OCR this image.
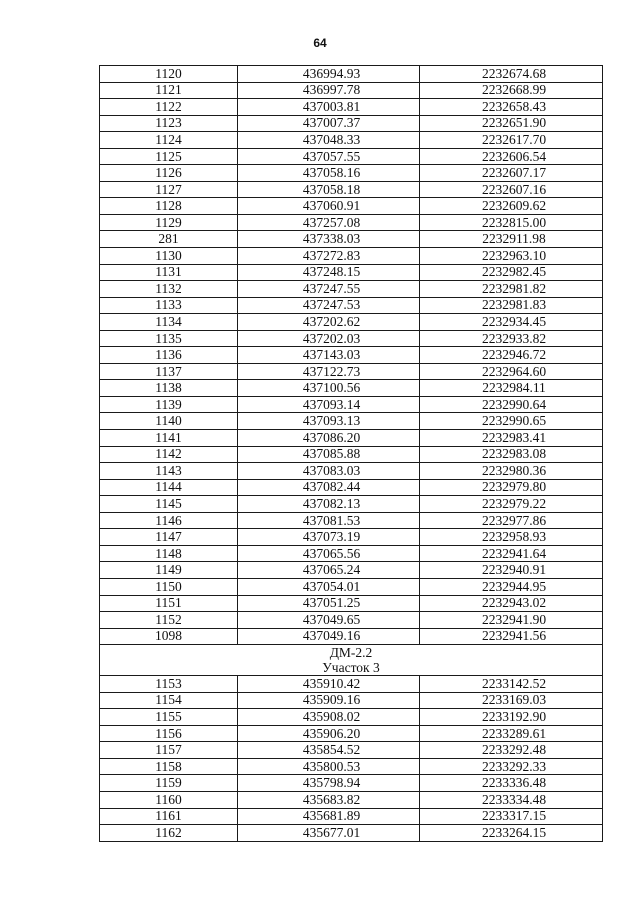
64
1120	436994.93	2232674.68
1121	436997.78	2232668.99
1122	437003.81	2232658.43
1123	437007.37	2232651.90
1124	437048.33	2232617.70
1125	437057.55	2232606.54
1126	437058.16	2232607.17
1127	437058.18	2232607.16
1128	437060.91	2232609.62
1129	437257.08	2232815.00
281	437338.03	2232911.98
1130	437272.83	2232963.10
1131	437248.15	2232982.45
1132	437247.55	2232981.82
1133	437247.53	2232981.83
1134	437202.62	2232934.45
1135	437202.03	2232933.82
1136	437143.03	2232946.72
1137	437122.73	2232964.60
1138	437100.56	2232984.11
1139	437093.14	2232990.64
1140	437093.13	2232990.65
1141	437086.20	2232983.41
1142	437085.88	2232983.08
1143	437083.03	2232980.36
1144	437082.44	2232979.80
1145	437082.13	2232979.22
1146	437081.53	2232977.86
1147	437073.19	2232958.93
1148	437065.56	2232941.64
1149	437065.24	2232940.91
1150	437054.01	2232944.95
1151	437051.25	2232943.02
1152	437049.65	2232941.90
1098	437049.16	2232941.56

ДМ-2.2
Участок 3		

1153	435910.42	2233142.52
1154	435909.16	2233169.03
1155	435908.02	2233192.90
1156	435906.20	2233289.61
1157	435854.52	2233292.48
1158	435800.53	2233292.33
1159	435798.94	2233336.48
1160	435683.82	2233334.48
1161	435681.89	2233317.15
1162	435677.01	2233264.15
